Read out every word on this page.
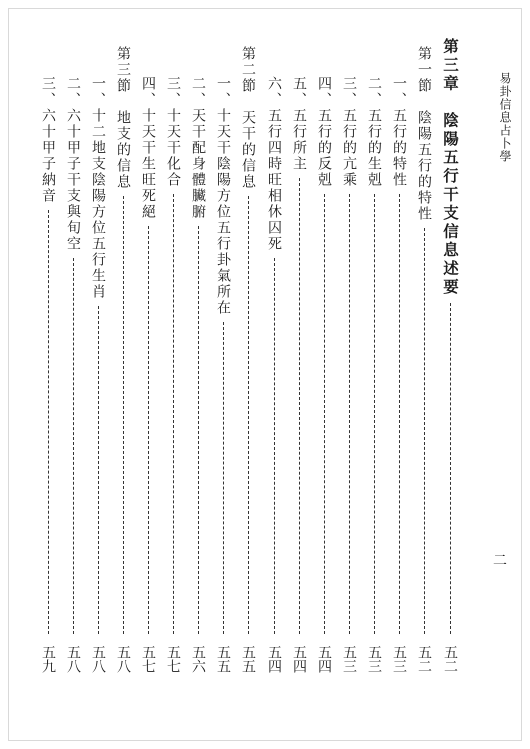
易卦信息占卜學
二
第三章　陰陽五行干支信息述要
五二
第一節　陰陽五行的特性
五二
一、五行的特性
五三
二、五行的生剋
五三
三、五行的亢乘
五三
四、五行的反剋
五四
五、五行所主
五四
六、五行四時旺相休囚死
五四
第二節　天干的信息
五五
一、十天干陰陽方位五行卦氣所在
五五
二、天干配身體臟腑
五六
三、十天干化合
五七
四、十天干生旺死絕
五七
第三節　地支的信息
五八
一、十二地支陰陽方位五行生肖
五八
二、六十甲子干支與旬空
五八
三、六十甲子納音
五九
